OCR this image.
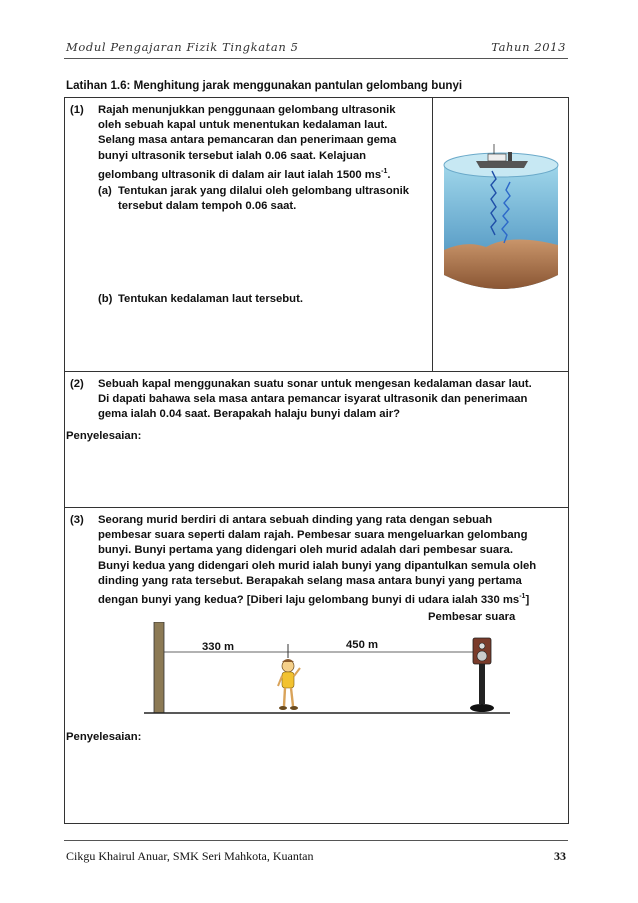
Modul Pengajaran Fizik Tingkatan 5	Tahun 2013
Latihan 1.6: Menghitung jarak menggunakan pantulan gelombang bunyi
(1) Rajah menunjukkan penggunaan gelombang ultrasonik
oleh sebuah kapal untuk menentukan kedalaman laut.
Selang masa antara pemancaran dan penerimaan gema
bunyi ultrasonik tersebut ialah 0.06 saat. Kelajuan
gelombang ultrasonik di dalam air laut ialah 1500 $ms^{-1}$.
(a) Tentukan jarak yang dilalui oleh gelombang ultrasonik
tersebut dalam tempoh 0.06 saat.
(b) Tentukan kedalaman laut tersebut.
(2) Sebuah kapal menggunakan suatu sonar untuk mengesan kedalaman dasar laut.
Di dapati bahawa sela masa antara pemancar isyarat ultrasonik dan penerimaan
gema ialah 0.04 saat. Berapakah halaju bunyi dalam air?
Penyelesaian:
(3) Seorang murid berdiri di antara sebuah dinding yang rata dengan sebuah
pembesar suara seperti dalam rajah. Pembesar suara mengeluarkan gelombang
bunyi. Bunyi pertama yang didengari oleh murid adalah dari pembesar suara.
Bunyi kedua yang didengari oleh murid ialah bunyi yang dipantulkan semula oleh
dinding yang rata tersebut. Berapakah selang masa antara bunyi yang pertama
dengan bunyi yang kedua? [Diberi laju gelombang bunyi di udara ialah 330 $ms^{-1}$]
Pembesar suara
330 m	450 m
Penyelesaian:
Cikgu Khairul Anuar, SMK Seri Mahkota, Kuantan	33
